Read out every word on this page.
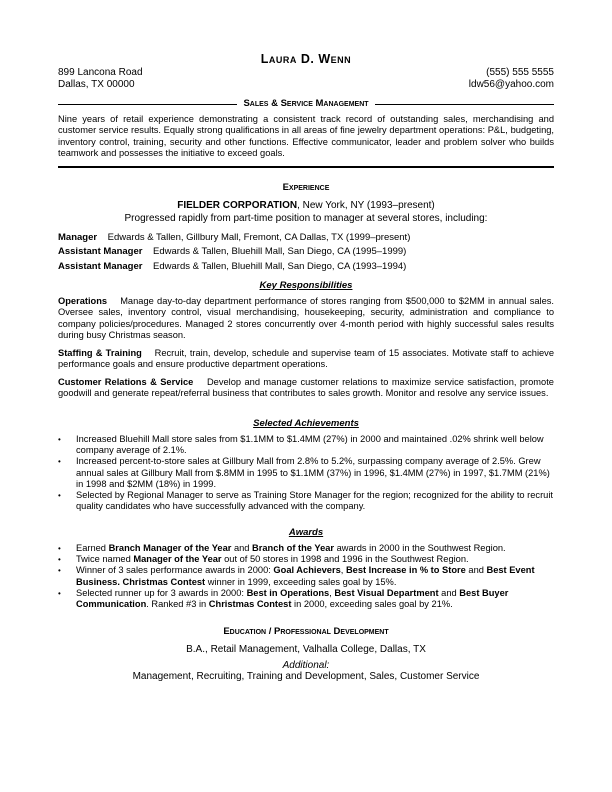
Laura D. Wenn
899 Lancona Road
Dallas, TX 00000
(555) 555 5555
ldw56@yahoo.com
Sales & Service Management
Nine years of retail experience demonstrating a consistent track record of outstanding sales, merchandising and customer service results. Equally strong qualifications in all areas of fine jewelry department operations: P&L, budgeting, inventory control, training, security and other functions. Effective communicator, leader and problem solver who builds teamwork and possesses the initiative to exceed goals.
Experience
FIELDER CORPORATION, New York, NY (1993–present)
Progressed rapidly from part-time position to manager at several stores, including:
Manager Edwards & Tallen, Gillbury Mall, Fremont, CA Dallas, TX (1999–present)
Assistant Manager Edwards & Tallen, Bluehill Mall, San Diego, CA (1995–1999)
Assistant Manager Edwards & Tallen, Bluehill Mall, San Diego, CA (1993–1994)
Key Responsibilities
Operations Manage day-to-day department performance of stores ranging from $500,000 to $2MM in annual sales. Oversee sales, inventory control, visual merchandising, housekeeping, security, administration and compliance to company policies/procedures. Managed 2 stores concurrently over 4-month period with highly successful sales results during busy Christmas season.
Staffing & Training Recruit, train, develop, schedule and supervise team of 15 associates. Motivate staff to achieve performance goals and ensure productive department operations.
Customer Relations & Service Develop and manage customer relations to maximize service satisfaction, promote goodwill and generate repeat/referral business that contributes to sales growth. Monitor and resolve any service issues.
Selected Achievements
• Increased Bluehill Mall store sales from $1.1MM to $1.4MM (27%) in 2000 and maintained .02% shrink well below company average of 2.1%.
• Increased percent-to-store sales at Gillbury Mall from 2.8% to 5.2%, surpassing company average of 2.5%. Grew annual sales at Gillbury Mall from $.8MM in 1995 to $1.1MM (37%) in 1996, $1.4MM (27%) in 1997, $1.7MM (21%) in 1998 and $2MM (18%) in 1999.
• Selected by Regional Manager to serve as Training Store Manager for the region; recognized for the ability to recruit quality candidates who have successfully advanced with the company.
Awards
• Earned Branch Manager of the Year and Branch of the Year awards in 2000 in the Southwest Region.
• Twice named Manager of the Year out of 50 stores in 1998 and 1996 in the Southwest Region.
• Winner of 3 sales performance awards in 2000: Goal Achievers, Best Increase in % to Store and Best Event Business. Christmas Contest winner in 1999, exceeding sales goal by 15%.
• Selected runner up for 3 awards in 2000: Best in Operations, Best Visual Department and Best Buyer Communication. Ranked #3 in Christmas Contest in 2000, exceeding sales goal by 21%.
Education / Professional Development
B.A., Retail Management, Valhalla College, Dallas, TX
Additional:
Management, Recruiting, Training and Development, Sales, Customer Service
